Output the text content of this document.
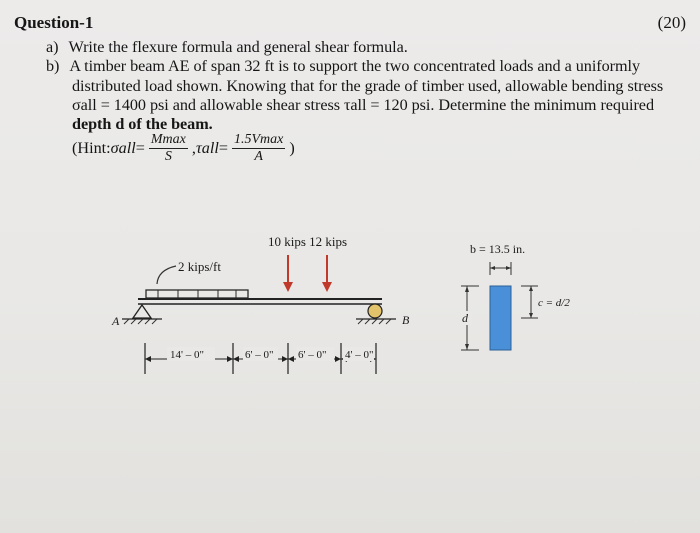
Question-1	(20)
a) Write the flexure formula and general shear formula.
b) A timber beam AE of span 32 ft is to support the two concentrated loads and a uniformly
distributed load shown. Knowing that for the grade of timber used, allowable bending stress
σall = 1400 psi and allowable shear stress τall = 120 psi. Determine the minimum required
depth d of the beam.
(Hint: $\sigma all = \frac{Mmax}{S}$ , $\tau all = \frac{1.5Vmax}{A}$ )
10 kips 12 kips
2 kips/ft
A	B
14' – 0"	6' – 0" 6' – 0" 4' – 0"
b = 13.5 in.
d
c = d/2
